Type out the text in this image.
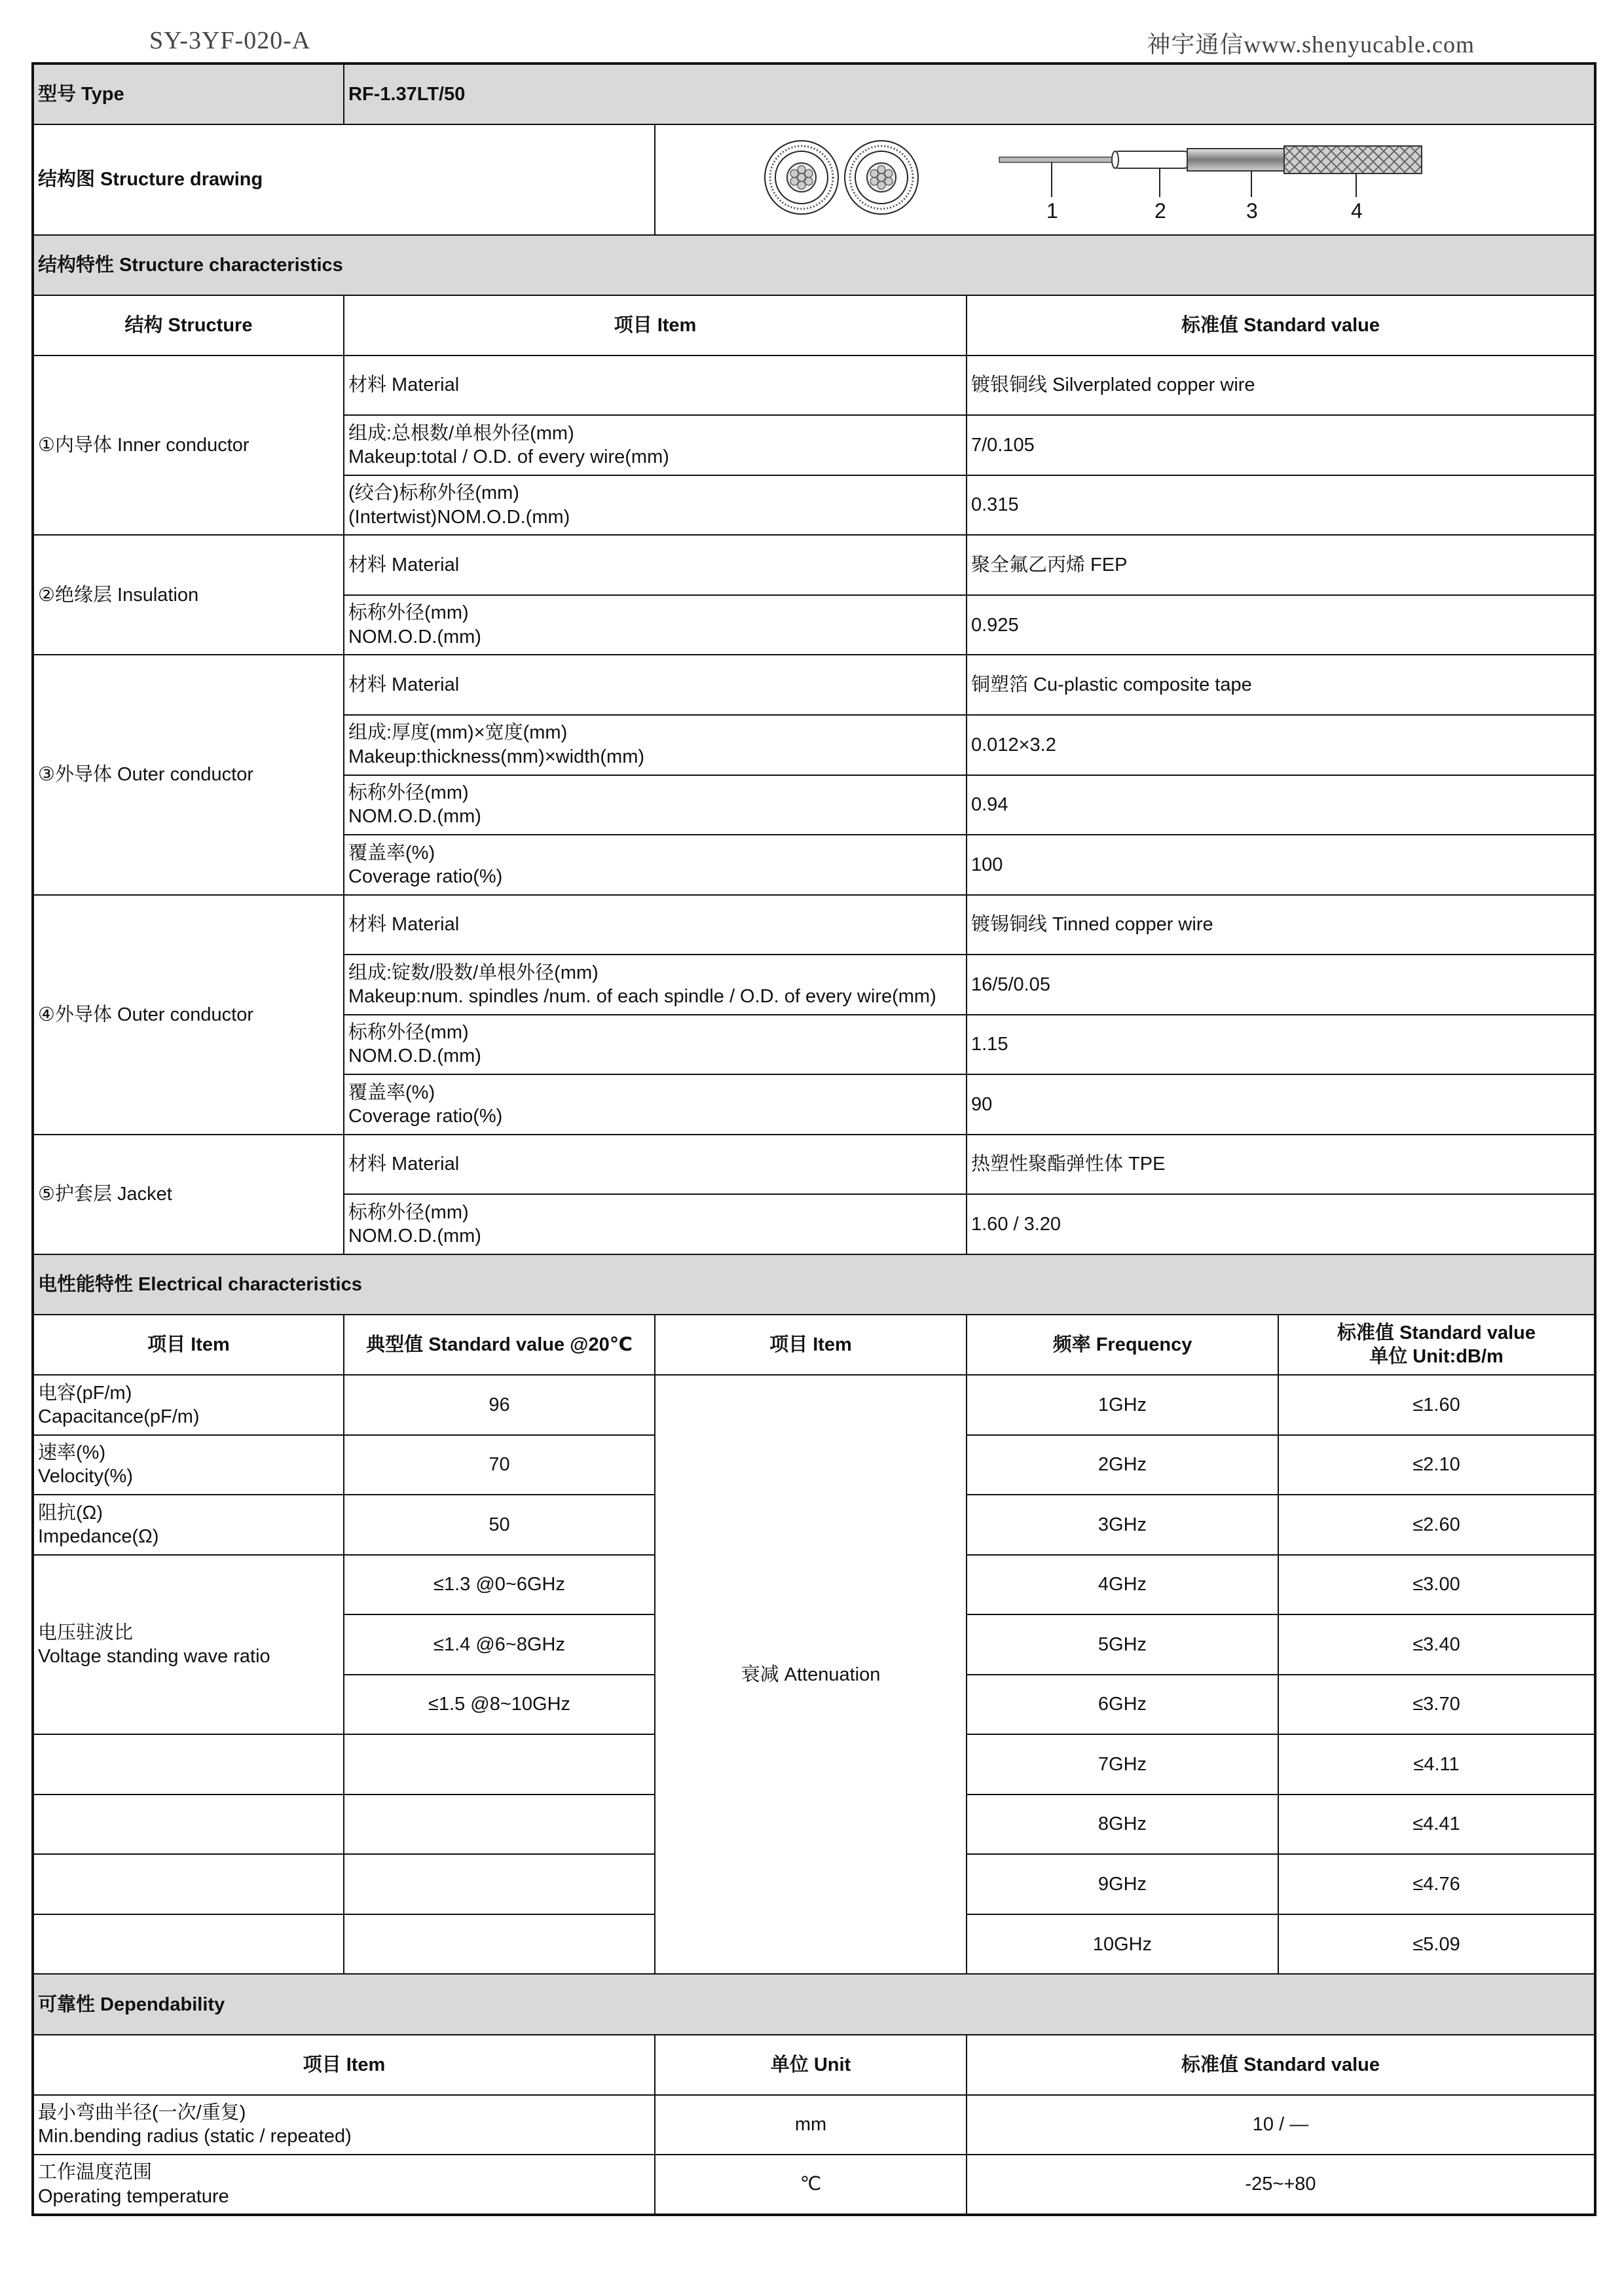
SY-3YF-020-A	神宇通信www.shenyucable.com
型号 Type	RF-1.37LT/50			
结构图 Structure drawing		1 2 3 4		

结构特性 Structure characteristics				
结构 Structure	项目 Item		标准值 Standard value	
①内导体 Inner conductor	材料 Material		镀银铜线 Silverplated copper wire	

	组成:总根数/单根外径(mm)
Makeup:total / O.D. of every wire(mm)		7/0.105	

	(绞合)标称外径(mm)
(Intertwist)NOM.O.D.(mm)		0.315	
②绝缘层 Insulation	材料 Material		聚全氟乙丙烯 FEP	

	标称外径(mm)
NOM.O.D.(mm)		0.925	
③外导体 Outer conductor	材料 Material		铜塑箔 Cu-plastic composite tape	

	组成:厚度(mm)×宽度(mm)
Makeup:thickness(mm)×width(mm)		0.012×3.2	

	标称外径(mm)
NOM.O.D.(mm)		0.94	

	覆盖率(%)
Coverage ratio(%)		100	
④外导体 Outer conductor	材料 Material		镀锡铜线 Tinned copper wire	

	组成:锭数/股数/单根外径(mm)
Makeup:num. spindles /num. of each spindle / O.D. of every wire(mm)		16/5/0.05	

	标称外径(mm)
NOM.O.D.(mm)		1.15	

	覆盖率(%)
Coverage ratio(%)		90	
⑤护套层 Jacket	材料 Material		热塑性聚酯弹性体 TPE	

	标称外径(mm)
NOM.O.D.(mm)		1.60 / 3.20	
电性能特性 Electrical characteristics				
项目 Item	典型值 Standard value @20℃	项目 Item	频率 Frequency	标准值 Standard value
单位 Unit:dB/m

电容(pF/m)
Capacitance(pF/m)	96	衰减 Attenuation	1GHz	≤1.60

速率(%)
Velocity(%)	70		2GHz	≤2.10

阻抗(Ω)
Impedance(Ω)	50		3GHz	≤2.60

电压驻波比
Voltage standing wave ratio	≤1.3 @0~6GHz		4GHz	≤3.00
	≤1.4 @6~8GHz		5GHz	≤3.40
	≤1.5 @8~10GHz		6GHz	≤3.70
			7GHz	≤4.11
			8GHz	≤4.41
			9GHz	≤4.76
			10GHz	≤5.09
可靠性 Dependability				
项目 Item		单位 Unit	标准值 Standard value	

最小弯曲半径(一次/重复)
Min.bending radius (static / repeated)		mm	10 / —	

工作温度范围
Operating temperature		℃	-25~+80	
